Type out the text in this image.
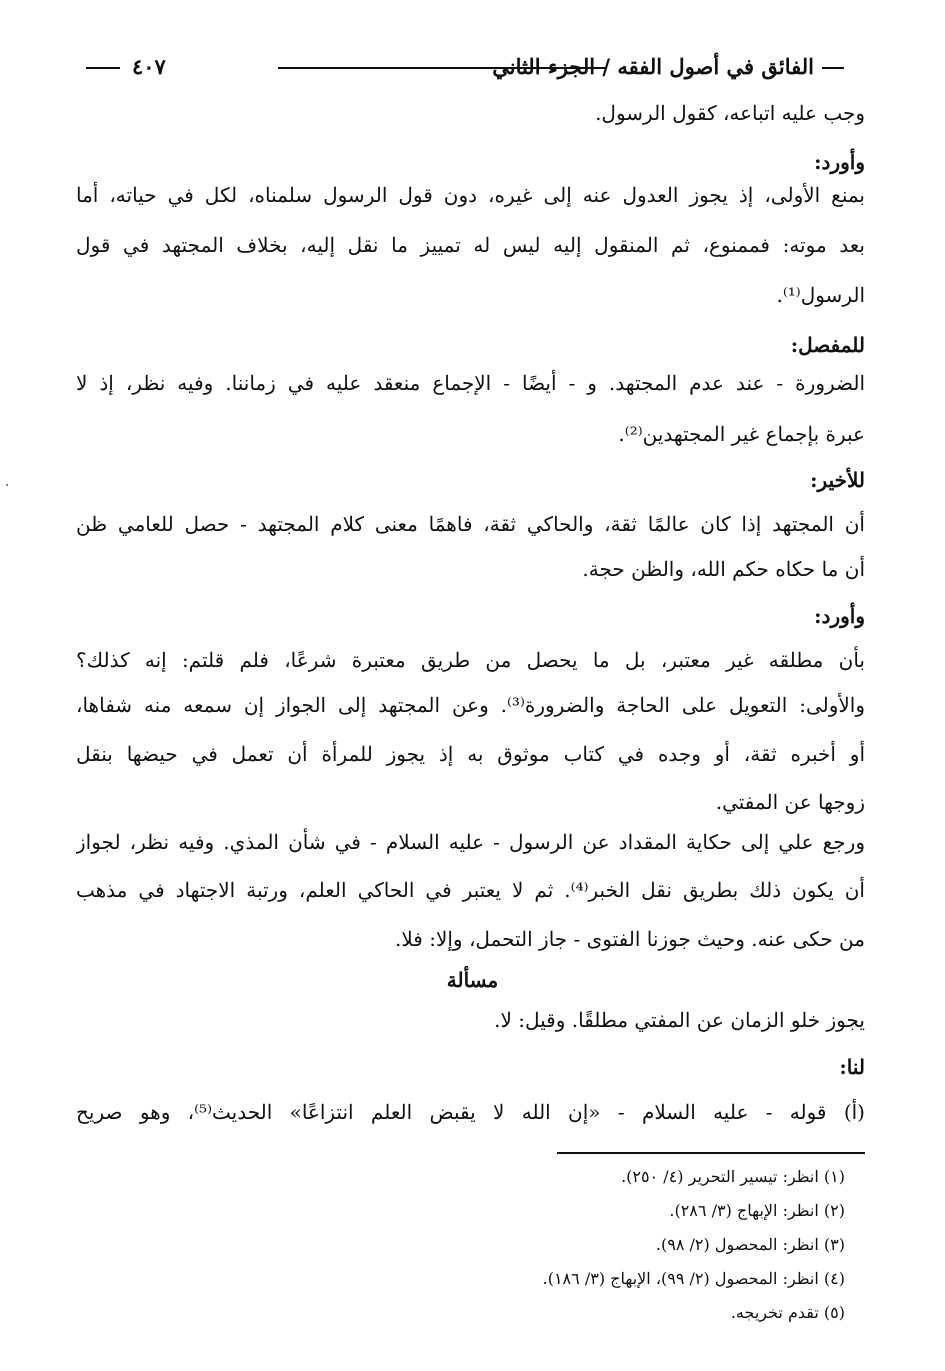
الفائق في أصول الفقه / الجزء الثاني
٤٠٧
وجب عليه اتباعه، كقول الرسول.
وأورد:
بمنع الأولى، إذ يجوز العدول عنه إلى غيره، دون قول الرسول سلمناه، لكل في حياته، أما
بعد موته: فممنوع، ثم المنقول إليه ليس له تمييز ما نقل إليه، بخلاف المجتهد في قول
الرسول⁽¹⁾.
للمفصل:
الضرورة - عند عدم المجتهد. و - أيضًا - الإجماع منعقد عليه في زماننا. وفيه نظر، إذ لا
عبرة بإجماع غير المجتهدين⁽²⁾.
للأخير:
أن المجتهد إذا كان عالمًا ثقة، والحاكي ثقة، فاهمًا معنى كلام المجتهد - حصل للعامي ظن
أن ما حكاه حكم الله، والظن حجة.
وأورد:
بأن مطلقه غير معتبر، بل ما يحصل من طريق معتبرة شرعًا، فلم قلتم: إنه كذلك؟
والأولى: التعويل على الحاجة والضرورة⁽³⁾. وعن المجتهد إلى الجواز إن سمعه منه شفاها،
أو أخبره ثقة، أو وجده في كتاب موثوق به إذ يجوز للمرأة أن تعمل في حيضها بنقل
زوجها عن المفتي.
ورجع علي إلى حكاية المقداد عن الرسول - عليه السلام - في شأن المذي. وفيه نظر، لجواز
أن يكون ذلك بطريق نقل الخبر⁽⁴⁾. ثم لا يعتبر في الحاكي العلم، ورتبة الاجتهاد في مذهب
من حكى عنه. وحيث جوزنا الفتوى - جاز التحمل، وإلا: فلا.
مسألة
يجوز خلو الزمان عن المفتي مطلقًا. وقيل: لا.
لنا:
(أ) قوله - عليه السلام - «إن الله لا يقبض العلم انتزاعًا» الحديث⁽⁵⁾، وهو صريح
(١) انظر: تيسير التحرير (٤/ ٢٥٠).
(٢) انظر: الإبهاج (٣/ ٢٨٦).
(٣) انظر: المحصول (٢/ ٩٨).
(٤) انظر: المحصول (٢/ ٩٩)، الإبهاج (٣/ ١٨٦).
(٥) تقدم تخريجه.
